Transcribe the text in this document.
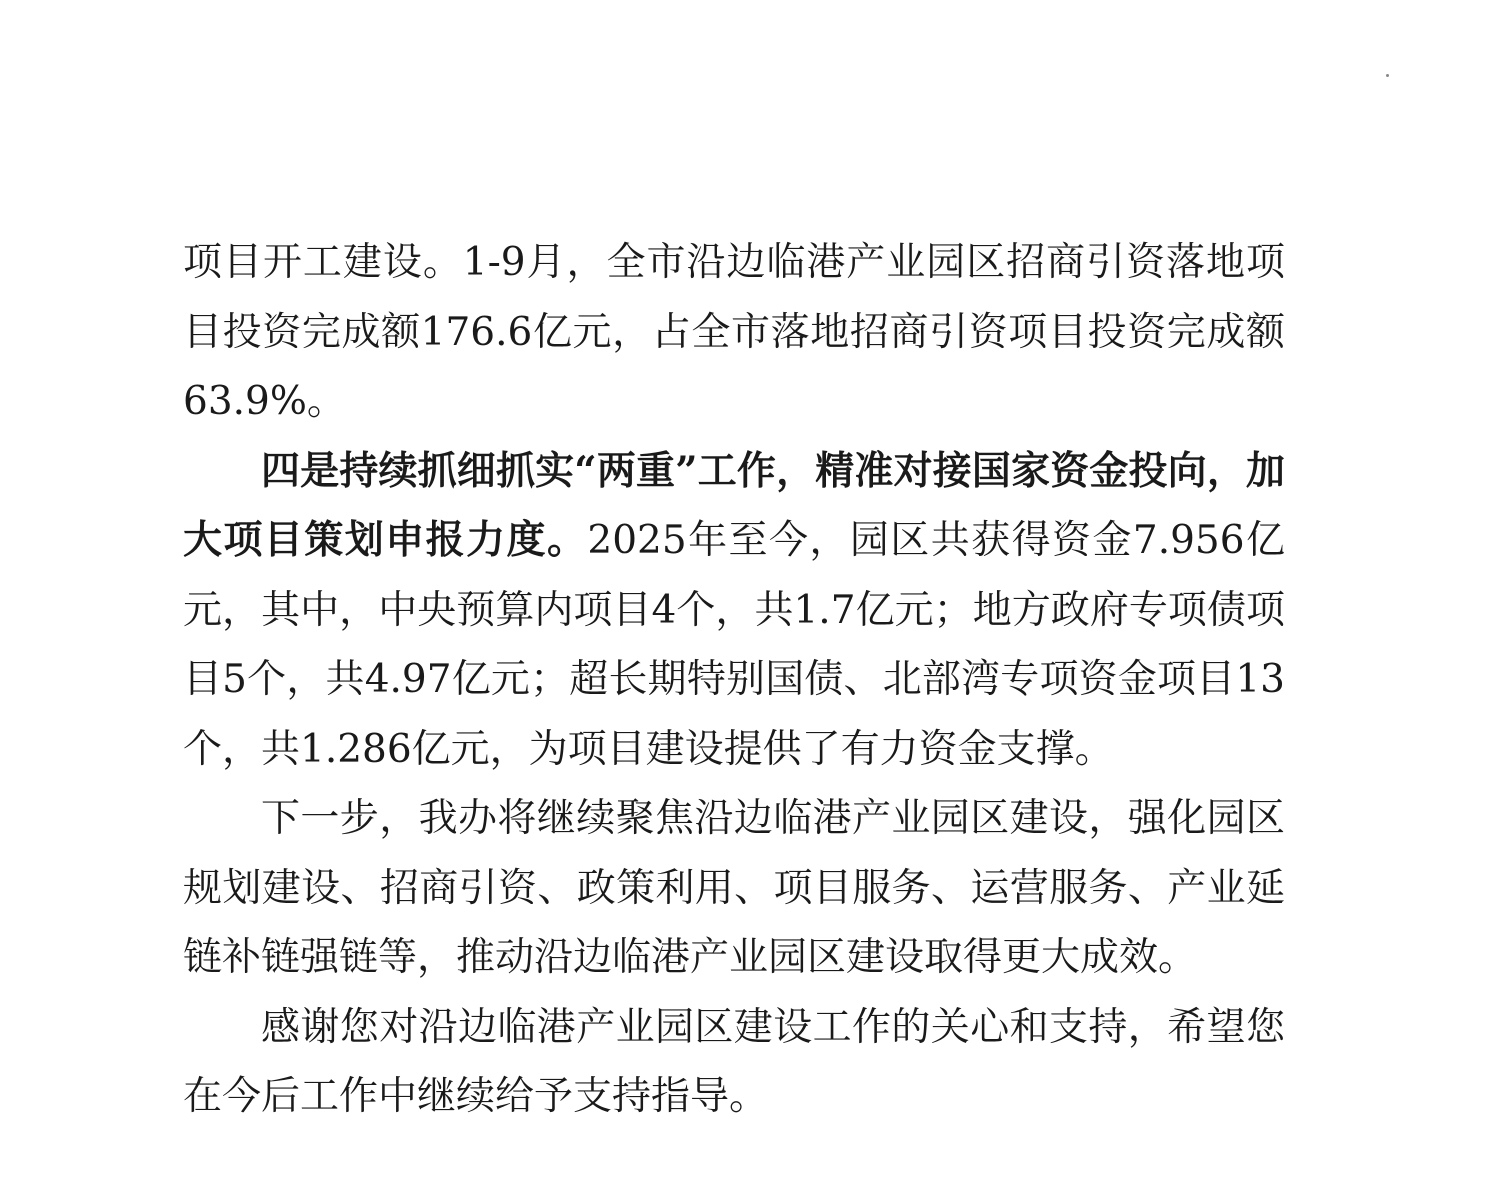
项目开工建设。1-9月，全市沿边临港产业园区招商引资落地项目投资完成额176.6亿元，占全市落地招商引资项目投资完成额63.9%。

四是持续抓细抓实“两重”工作，精准对接国家资金投向，加大项目策划申报力度。2025年至今，园区共获得资金7.956亿元，其中，中央预算内项目4个，共1.7亿元；地方政府专项债项目5个，共4.97亿元；超长期特别国债、北部湾专项资金项目13个，共1.286亿元，为项目建设提供了有力资金支撑。

下一步，我办将继续聚焦沿边临港产业园区建设，强化园区规划建设、招商引资、政策利用、项目服务、运营服务、产业延链补链强链等，推动沿边临港产业园区建设取得更大成效。

感谢您对沿边临港产业园区建设工作的关心和支持，希望您在今后工作中继续给予支持指导。
